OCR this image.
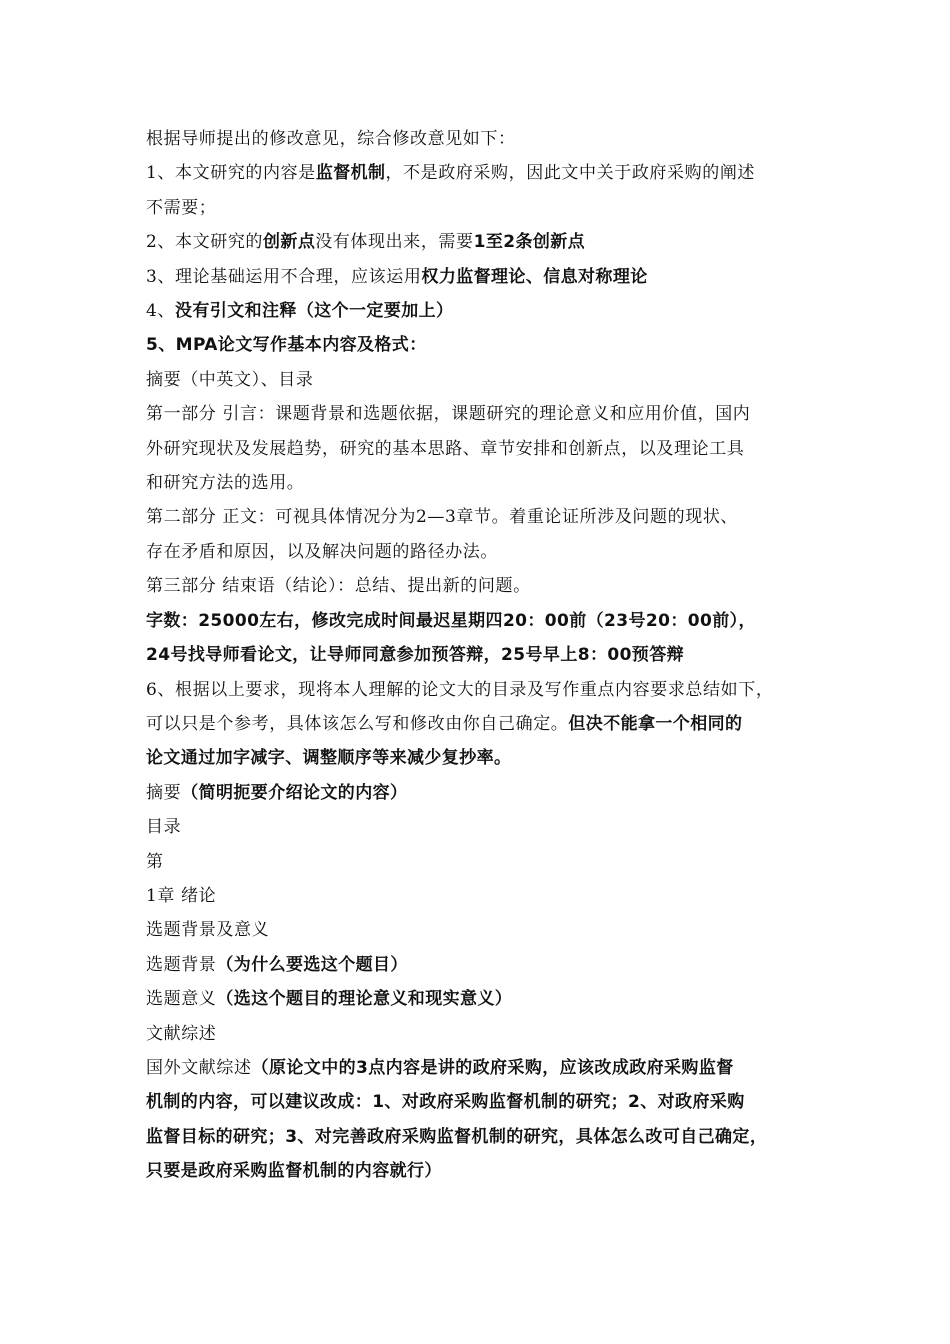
根据导师提出的修改意见，综合修改意见如下：

1、本文研究的内容是监督机制，不是政府采购，因此文中关于政府采购的阐述

不需要；

2、本文研究的创新点没有体现出来，需要1至2条创新点

3、理论基础运用不合理，应该运用权力监督理论、信息对称理论

4、没有引文和注释（这个一定要加上）

5、MPA论文写作基本内容及格式：

摘要（中英文）、目录

第一部分 引言：课题背景和选题依据，课题研究的理论意义和应用价值，国内

外研究现状及发展趋势，研究的基本思路、章节安排和创新点，以及理论工具

和研究方法的选用。

第二部分 正文：可视具体情况分为2—3章节。着重论证所涉及问题的现状、

存在矛盾和原因，以及解决问题的路径办法。

第三部分 结束语（结论）：总结、提出新的问题。

字数：25000左右，修改完成时间最迟星期四20：00前（23号20：00前），

24号找导师看论文，让导师同意参加预答辩，25号早上8：00预答辩

6、根据以上要求，现将本人理解的论文大的目录及写作重点内容要求总结如下，

可以只是个参考，具体该怎么写和修改由你自己确定。但决不能拿一个相同的

论文通过加字减字、调整顺序等来减少复抄率。

摘要（简明扼要介绍论文的内容）

目录

第

1章 绪论

选题背景及意义

选题背景（为什么要选这个题目）

选题意义（选这个题目的理论意义和现实意义）

文献综述

国外文献综述（原论文中的3点内容是讲的政府采购，应该改成政府采购监督

机制的内容，可以建议改成：1、对政府采购监督机制的研究；2、对政府采购

监督目标的研究；3、对完善政府采购监督机制的研究，具体怎么改可自己确定，

只要是政府采购监督机制的内容就行）
